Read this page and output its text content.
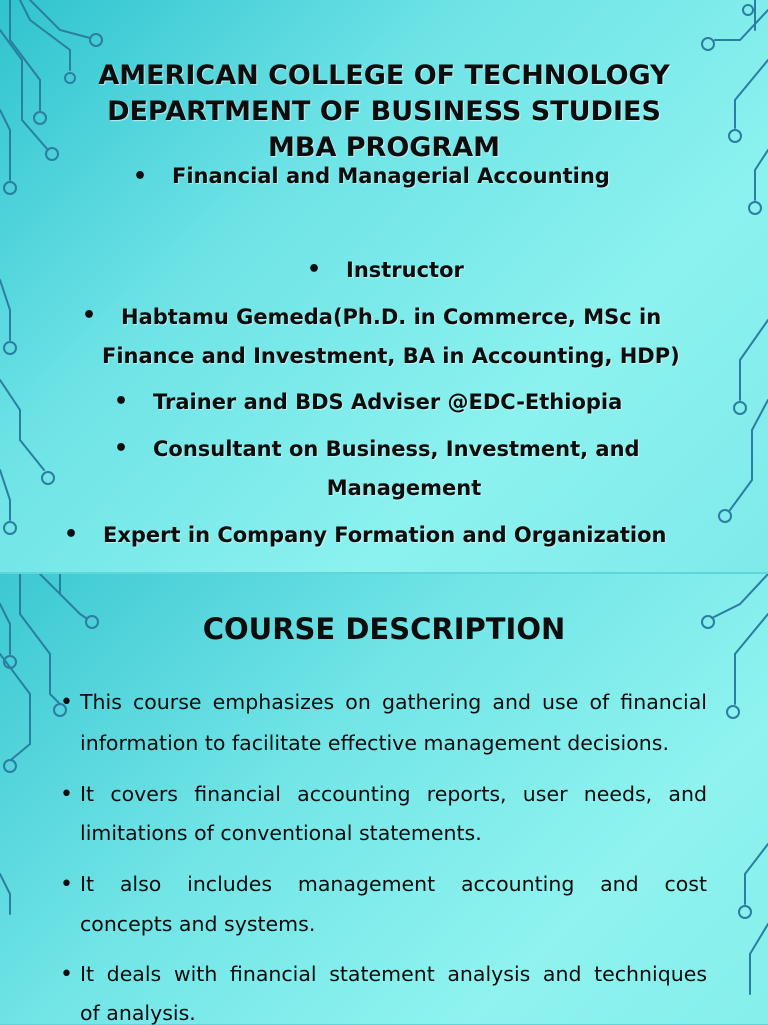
AMERICAN COLLEGE OF TECHNOLOGY
DEPARTMENT OF BUSINESS STUDIES
MBA PROGRAM
• Financial and Managerial Accounting
• Instructor
• Habtamu Gemeda(Ph.D. in Commerce, MSc in
Finance and Investment, BA in Accounting, HDP)
• Trainer and BDS Adviser @EDC-Ethiopia
• Consultant on Business, Investment, and
Management
• Expert in Company Formation and Organization
COURSE DESCRIPTION
• This course emphasizes on gathering and use of financial
information to facilitate effective management decisions.
• It covers financial accounting reports, user needs, and
limitations of conventional statements.
• It also includes management accounting and cost
concepts and systems.
• It deals with financial statement analysis and techniques
of analysis.
